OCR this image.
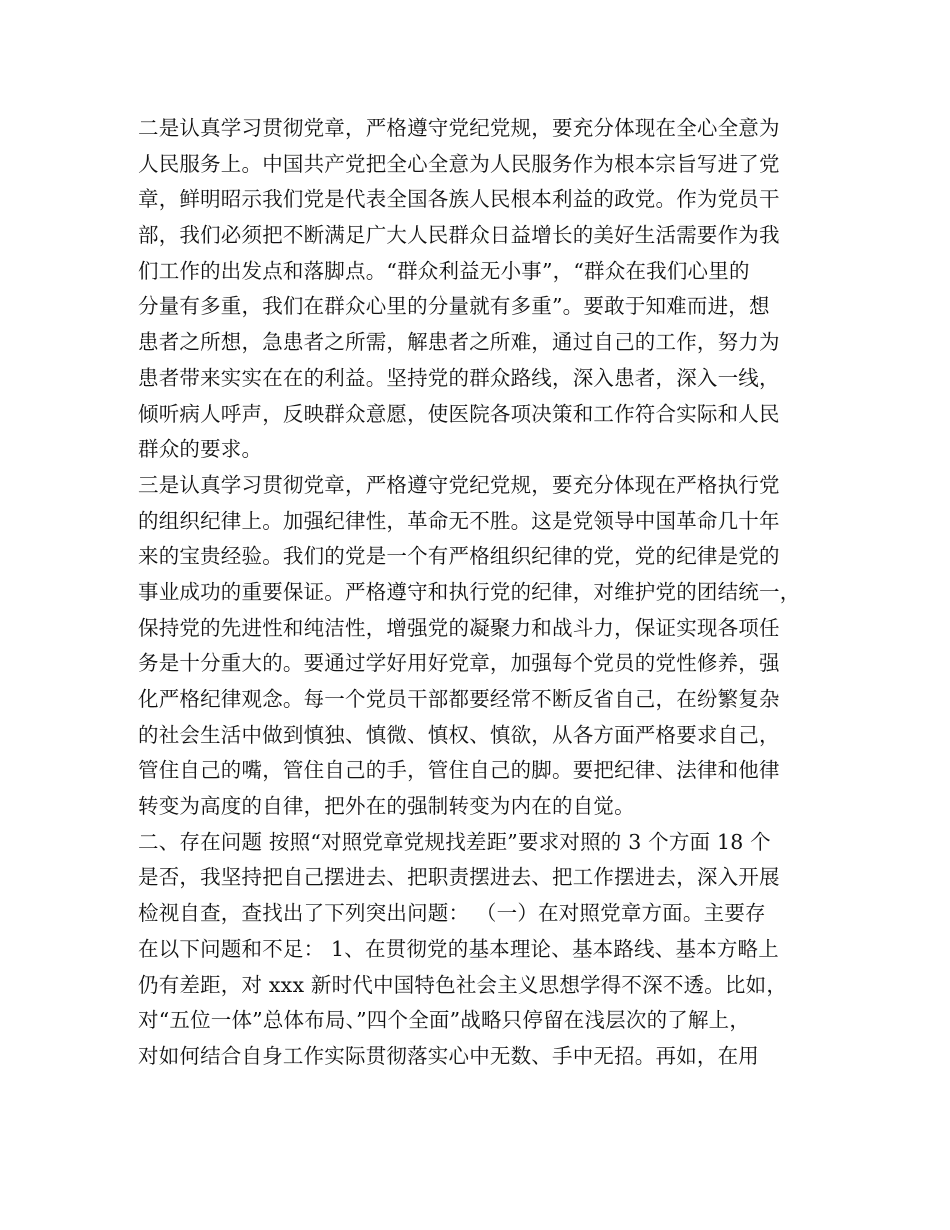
二是认真学习贯彻党章，严格遵守党纪党规，要充分体现在全心全意为
人民服务上。中国共产党把全心全意为人民服务作为根本宗旨写进了党
章，鲜明昭示我们党是代表全国各族人民根本利益的政党。作为党员干
部，我们必须把不断满足广大人民群众日益增长的美好生活需要作为我
们工作的出发点和落脚点。“群众利益无小事”，“群众在我们心里的
分量有多重，我们在群众心里的分量就有多重”。要敢于知难而进，想
患者之所想，急患者之所需，解患者之所难，通过自己的工作，努力为
患者带来实实在在的利益。坚持党的群众路线，深入患者，深入一线，
倾听病人呼声，反映群众意愿，使医院各项决策和工作符合实际和人民
群众的要求。
三是认真学习贯彻党章，严格遵守党纪党规，要充分体现在严格执行党
的组织纪律上。加强纪律性，革命无不胜。这是党领导中国革命几十年
来的宝贵经验。我们的党是一个有严格组织纪律的党，党的纪律是党的
事业成功的重要保证。严格遵守和执行党的纪律，对维护党的团结统一，
保持党的先进性和纯洁性，增强党的凝聚力和战斗力，保证实现各项任
务是十分重大的。要通过学好用好党章，加强每个党员的党性修养，强
化严格纪律观念。每一个党员干部都要经常不断反省自己，在纷繁复杂
的社会生活中做到慎独、慎微、慎权、慎欲，从各方面严格要求自己，
管住自己的嘴，管住自己的手，管住自己的脚。要把纪律、法律和他律
转变为高度的自律，把外在的强制转变为内在的自觉。
二、存在问题 按照“对照党章党规找差距”要求对照的 3 个方面 18 个
是否，我坚持把自己摆进去、把职责摆进去、把工作摆进去，深入开展
检视自查，查找出了下列突出问题： （一）在对照党章方面。主要存
在以下问题和不足： 1、在贯彻党的基本理论、基本路线、基本方略上
仍有差距，对 xxx 新时代中国特色社会主义思想学得不深不透。比如，
对“五位一体”总体布局、”四个全面”战略只停留在浅层次的了解上，
对如何结合自身工作实际贯彻落实心中无数、手中无招。再如，在用
